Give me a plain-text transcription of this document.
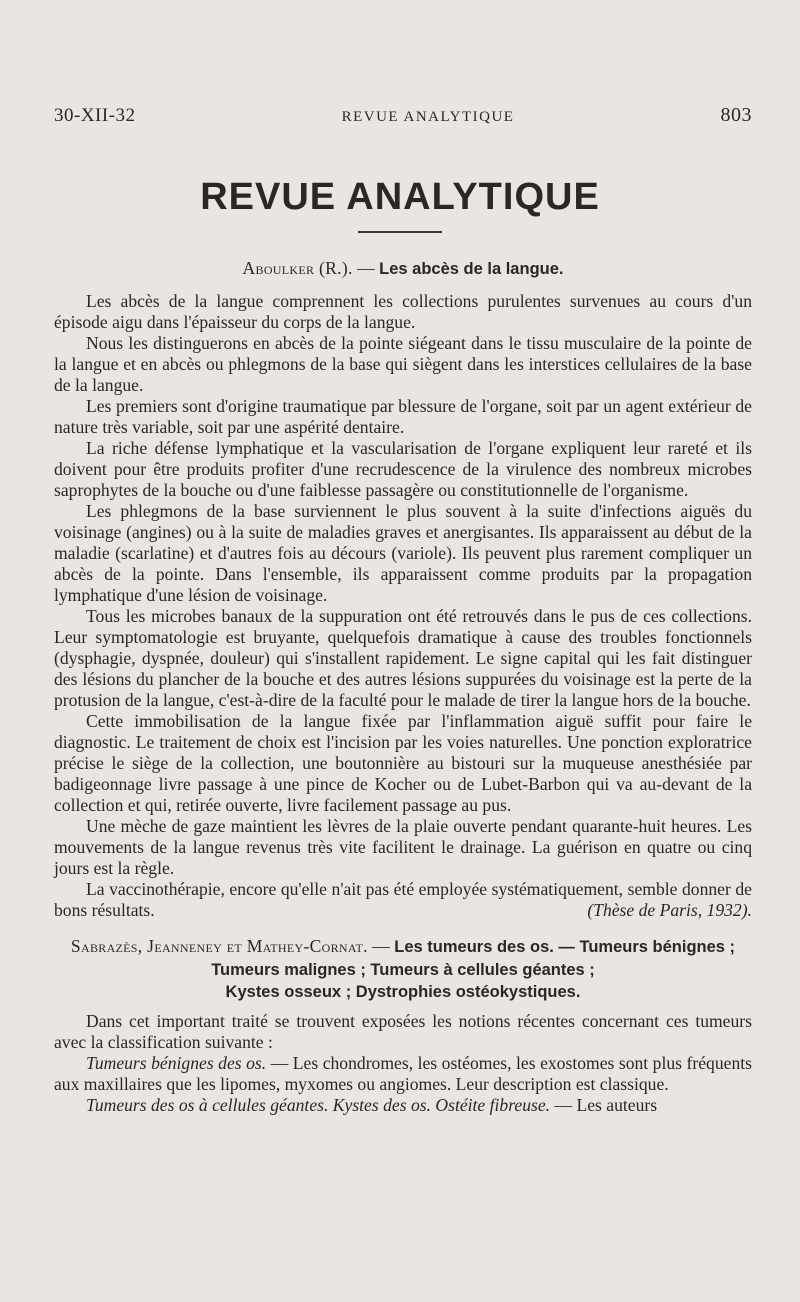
30-XII-32	REVUE ANALYTIQUE	803
REVUE ANALYTIQUE
Aboulker (R.). — Les abcès de la langue.

Les abcès de la langue comprennent les collections purulentes survenues au cours d'un épisode aigu dans l'épaisseur du corps de la langue.

Nous les distinguerons en abcès de la pointe siégeant dans le tissu musculaire de la pointe de la langue et en abcès ou phlegmons de la base qui siègent dans les interstices cellulaires de la base de la langue.

Les premiers sont d'origine traumatique par blessure de l'organe, soit par un agent extérieur de nature très variable, soit par une aspérité dentaire.

La riche défense lymphatique et la vascularisation de l'organe expliquent leur rareté et ils doivent pour être produits profiter d'une recrudescence de la virulence des nombreux microbes saprophytes de la bouche ou d'une faiblesse passagère ou constitutionnelle de l'organisme.

Les phlegmons de la base surviennent le plus souvent à la suite d'infections aiguës du voisinage (angines) ou à la suite de maladies graves et anergisantes. Ils apparaissent au début de la maladie (scarlatine) et d'autres fois au décours (variole). Ils peuvent plus rarement compliquer un abcès de la pointe. Dans l'ensemble, ils apparaissent comme produits par la propagation lymphatique d'une lésion de voisinage.

Tous les microbes banaux de la suppuration ont été retrouvés dans le pus de ces collections. Leur symptomatologie est bruyante, quelquefois dramatique à cause des troubles fonctionnels (dysphagie, dyspnée, douleur) qui s'installent rapidement. Le signe capital qui les fait distinguer des lésions du plancher de la bouche et des autres lésions suppurées du voisinage est la perte de la protusion de la langue, c'est-à-dire de la faculté pour le malade de tirer la langue hors de la bouche.

Cette immobilisation de la langue fixée par l'inflammation aiguë suffit pour faire le diagnostic. Le traitement de choix est l'incision par les voies naturelles. Une ponction exploratrice précise le siège de la collection, une boutonnière au bistouri sur la muqueuse anesthésiée par badigeonnage livre passage à une pince de Kocher ou de Lubet-Barbon qui va au-devant de la collection et qui, retirée ouverte, livre facilement passage au pus.

Une mèche de gaze maintient les lèvres de la plaie ouverte pendant quarante-huit heures. Les mouvements de la langue revenus très vite facilitent le drainage. La guérison en quatre ou cinq jours est la règle.

La vaccinothérapie, encore qu'elle n'ait pas été employée systématiquement, semble donner de bons résultats.	(Thèse de Paris, 1932).

Sabrazès, Jeanneney et Mathey-Cornat. — Les tumeurs des os. — Tumeurs bénignes ; Tumeurs malignes ; Tumeurs à cellules géantes ;
Kystes osseux ; Dystrophies ostéokystiques.

Dans cet important traité se trouvent exposées les notions récentes concernant ces tumeurs avec la classification suivante :

Tumeurs bénignes des os. — Les chondromes, les ostéomes, les exostomes sont plus fréquents aux maxillaires que les lipomes, myxomes ou angiomes. Leur description est classique.

Tumeurs des os à cellules géantes. Kystes des os. Ostéite fibreuse. — Les auteurs
